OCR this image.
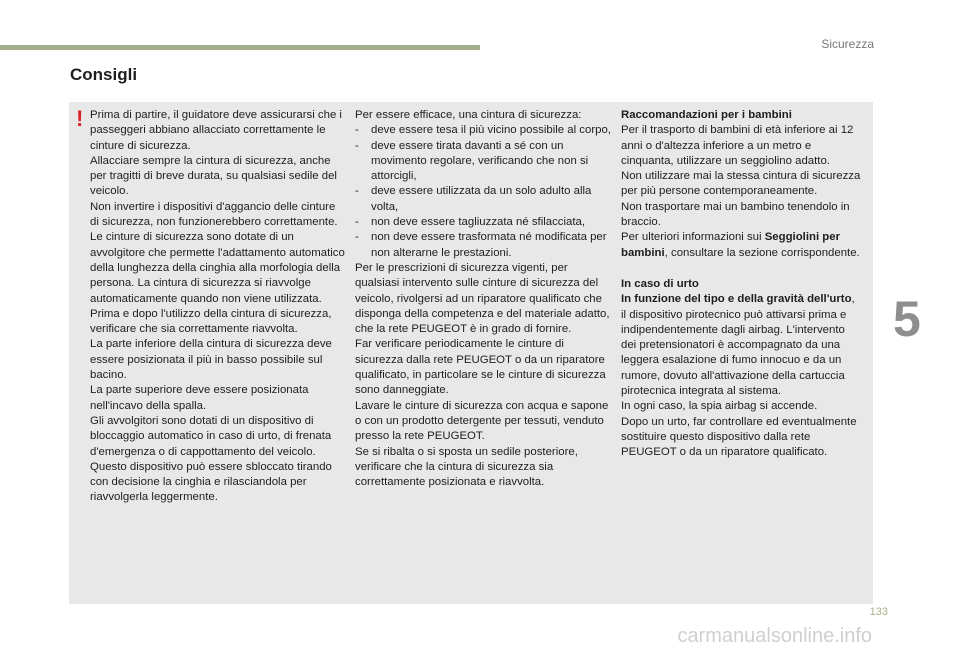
Sicurezza
Consigli
! Prima di partire, il guidatore deve assicurarsi che i passeggeri abbiano allacciato correttamente le cinture di sicurezza.

Allacciare sempre la cintura di sicurezza, anche per tragitti di breve durata, su qualsiasi sedile del veicolo.

Non invertire i dispositivi d'aggancio delle cinture di sicurezza, non funzionerebbero correttamente.

Le cinture di sicurezza sono dotate di un avvolgitore che permette l'adattamento automatico della lunghezza della cinghia alla morfologia della persona. La cintura di sicurezza si riavvolge automaticamente quando non viene utilizzata.

Prima e dopo l'utilizzo della cintura di sicurezza, verificare che sia correttamente riavvolta.

La parte inferiore della cintura di sicurezza deve essere posizionata il più in basso possibile sul bacino.

La parte superiore deve essere posizionata nell'incavo della spalla.

Gli avvolgitori sono dotati di un dispositivo di bloccaggio automatico in caso di urto, di frenata d'emergenza o di cappottamento del veicolo. Questo dispositivo può essere sbloccato tirando con decisione la cinghia e rilasciandola per riavvolgerla leggermente.

Per essere efficace, una cintura di sicurezza:

- deve essere tesa il più vicino possibile al corpo,

- deve essere tirata davanti a sé con un movimento regolare, verificando che non si attorcigli,

- deve essere utilizzata da un solo adulto alla volta,

- non deve essere tagliuzzata né sfilacciata,

- non deve essere trasformata né modificata per non alterarne le prestazioni.

Per le prescrizioni di sicurezza vigenti, per qualsiasi intervento sulle cinture di sicurezza del veicolo, rivolgersi ad un riparatore qualificato che disponga della competenza e del materiale adatto, che la rete PEUGEOT è in grado di fornire.

Far verificare periodicamente le cinture di sicurezza dalla rete PEUGEOT o da un riparatore qualificato, in particolare se le cinture di sicurezza sono danneggiate.

Lavare le cinture di sicurezza con acqua e sapone o con un prodotto detergente per tessuti, venduto presso la rete PEUGEOT.

Se si ribalta o si sposta un sedile posteriore, verificare che la cintura di sicurezza sia correttamente posizionata e riavvolta.

Raccomandazioni per i bambini

Per il trasporto di bambini di età inferiore ai 12 anni o d'altezza inferiore a un metro e cinquanta, utilizzare un seggiolino adatto.

Non utilizzare mai la stessa cintura di sicurezza per più persone contemporaneamente.

Non trasportare mai un bambino tenendolo in braccio.

Per ulteriori informazioni sui Seggiolini per bambini, consultare la sezione corrispondente.

In caso di urto

In funzione del tipo e della gravità dell'urto, il dispositivo pirotecnico può attivarsi prima e indipendentemente dagli airbag. L'intervento dei pretensionatori è accompagnato da una leggera esalazione di fumo innocuo e da un rumore, dovuto all'attivazione della cartuccia pirotecnica integrata al sistema.

In ogni caso, la spia airbag si accende.

Dopo un urto, far controllare ed eventualmente sostituire questo dispositivo dalla rete PEUGEOT o da un riparatore qualificato.

5
133
carmanualsonline.info
